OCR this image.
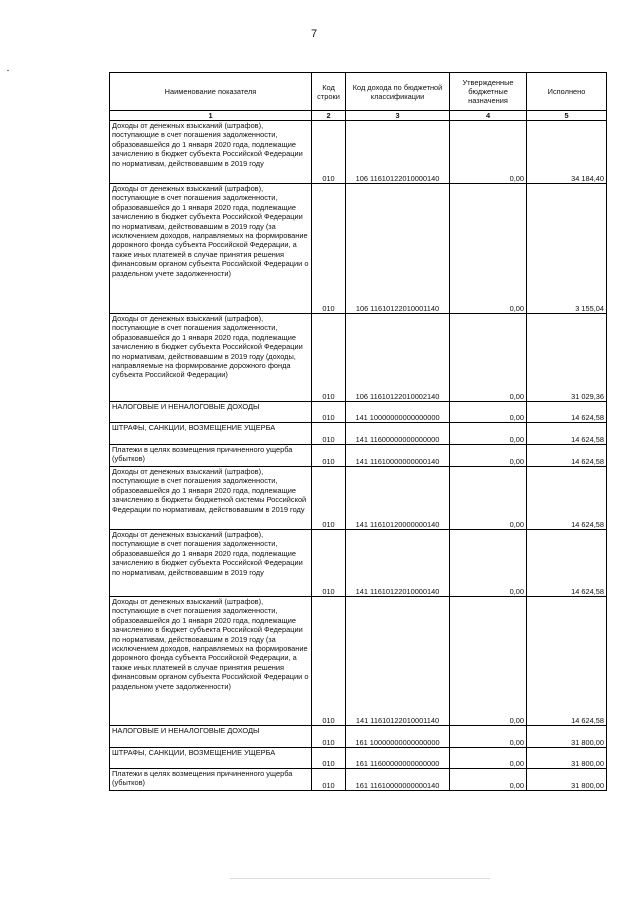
7
Наименование показателя	Код строки	Код дохода по бюджетной классификации	Утвержденные бюджетные назначения	Исполнено
1	2	3	4	5
Доходы от денежных взысканий (штрафов), поступающие в счет погашения задолженности, образовавшейся до 1 января 2020 года, подлежащие зачислению в бюджет субъекта Российской Федерации по нормативам, действовавшим в 2019 году	010	106 11610122010000140	0,00	34 184,40
Доходы от денежных взысканий (штрафов), поступающие в счет погашения задолженности, образовавшейся до 1 января 2020 года, подлежащие зачислению в бюджет субъекта Российской Федерации по нормативам, действовавшим в 2019 году (за исключением доходов, направляемых на формирование дорожного фонда субъекта Российской Федерации, а также иных платежей в случае принятия решения финансовым органом субъекта Российской Федерации о раздельном учете задолженности)	010	106 11610122010001140	0,00	3 155,04
Доходы от денежных взысканий (штрафов), поступающие в счет погашения задолженности, образовавшейся до 1 января 2020 года, подлежащие зачислению в бюджет субъекта Российской Федерации по нормативам, действовавшим в 2019 году (доходы, направляемые на формирование дорожного фонда субъекта Российской Федерации)	010	106 11610122010002140	0,00	31 029,36
НАЛОГОВЫЕ И НЕНАЛОГОВЫЕ ДОХОДЫ	010	141 10000000000000000	0,00	14 624,58
ШТРАФЫ, САНКЦИИ, ВОЗМЕЩЕНИЕ УЩЕРБА	010	141 11600000000000000	0,00	14 624,58
Платежи в целях возмещения причиненного ущерба (убытков)	010	141 11610000000000140	0,00	14 624,58
Доходы от денежных взысканий (штрафов), поступающие в счет погашения задолженности, образовавшейся до 1 января 2020 года, подлежащие зачислению в бюджеты бюджетной системы Российской Федерации по нормативам, действовавшим в 2019 году	010	141 11610120000000140	0,00	14 624,58
Доходы от денежных взысканий (штрафов), поступающие в счет погашения задолженности, образовавшейся до 1 января 2020 года, подлежащие зачислению в бюджет субъекта Российской Федерации по нормативам, действовавшим в 2019 году	010	141 11610122010000140	0,00	14 624,58
Доходы от денежных взысканий (штрафов), поступающие в счет погашения задолженности, образовавшейся до 1 января 2020 года, подлежащие зачислению в бюджет субъекта Российской Федерации по нормативам, действовавшим в 2019 году (за исключением доходов, направляемых на формирование дорожного фонда субъекта Российской Федерации, а также иных платежей в случае принятия решения финансовым органом субъекта Российской Федерации о раздельном учете задолженности)	010	141 11610122010001140	0,00	14 624,58
НАЛОГОВЫЕ И НЕНАЛОГОВЫЕ ДОХОДЫ	010	161 10000000000000000	0,00	31 800,00
ШТРАФЫ, САНКЦИИ, ВОЗМЕЩЕНИЕ УЩЕРБА	010	161 11600000000000000	0,00	31 800,00
Платежи в целях возмещения причиненного ущерба (убытков)	010	161 11610000000000140	0,00	31 800,00
